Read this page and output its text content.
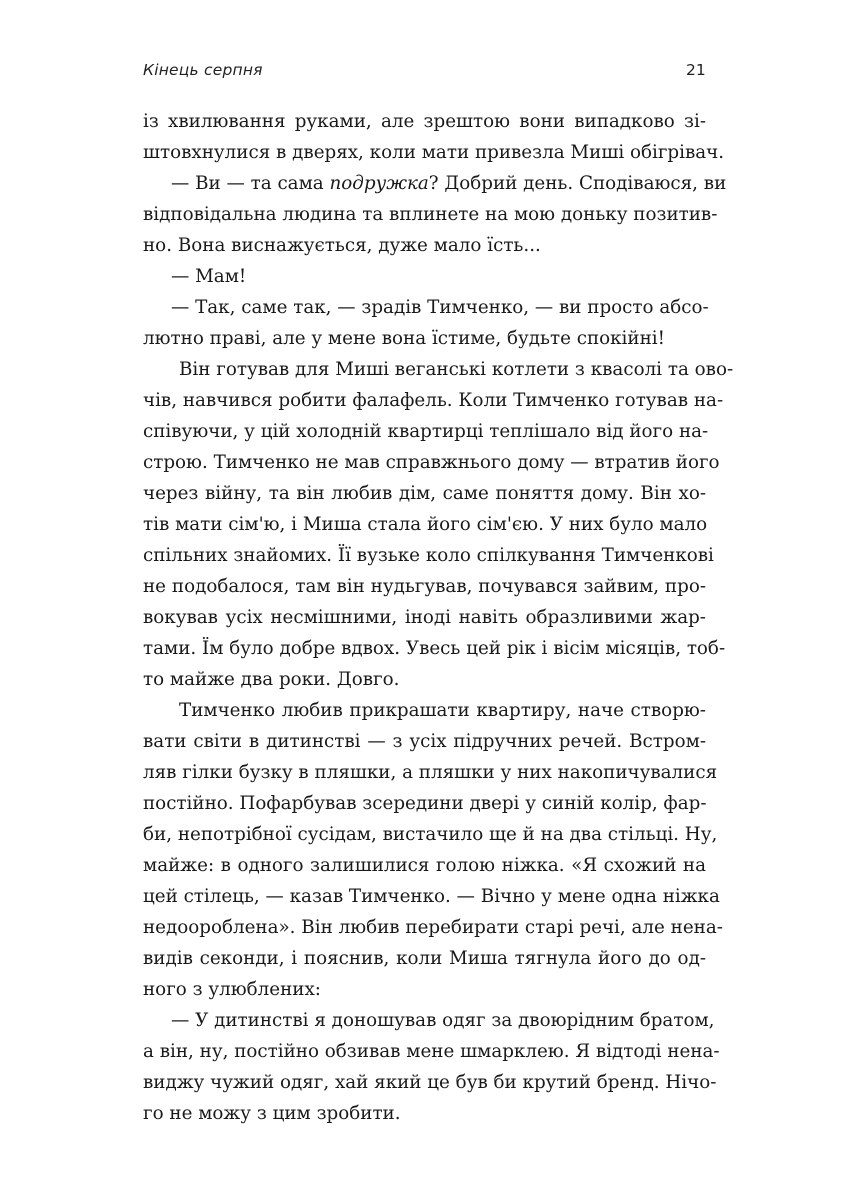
Кінець серпня	21
із хвилювання руками, але зрештою вони випадково зі-
штовхнулися в дверях, коли мати привезла Миші обігрівач.
— Ви — та сама подружка? Добрий день. Сподіваюся, ви
відповідальна людина та вплинете на мою доньку позитив-
но. Вона виснажується, дуже мало їсть...
— Мам!
— Так, саме так, — зрадів Тимченко, — ви просто абсо-
лютно праві, але у мене вона їстиме, будьте спокійні!
Він готував для Миші веганські котлети з квасолі та ово-
чів, навчився робити фалафель. Коли Тимченко готував на-
співуючи, у цій холодній квартирці теплішало від його на-
строю. Тимченко не мав справжнього дому — втратив його
через війну, та він любив дім, саме поняття дому. Він хо-
тів мати сім'ю, і Миша стала його сім'єю. У них було мало
спільних знайомих. Її вузьке коло спілкування Тимченкові
не подобалося, там він нудьгував, почувався зайвим, про-
вокував усіх несмішними, іноді навіть образливими жар-
тами. Їм було добре вдвох. Увесь цей рік і вісім місяців, тоб-
то майже два роки. Довго.
Тимченко любив прикрашати квартиру, наче створю-
вати світи в дитинстві — з усіх підручних речей. Встром-
ляв гілки бузку в пляшки, а пляшки у них накопичувалися
постійно. Пофарбував зсередини двері у синій колір, фар-
би, непотрібної сусідам, вистачило ще й на два стільці. Ну,
майже: в одного залишилися голою ніжка. «Я схожий на
цей стілець, — казав Тимченко. — Вічно у мене одна ніжка
недоороблена». Він любив перебирати старі речі, але нена-
видів секонди, і пояснив, коли Миша тягнула його до од-
ного з улюблених:
— У дитинстві я доношував одяг за двоюрідним братом,
а він, ну, постійно обзивав мене шмарклею. Я відтоді нена-
виджу чужий одяг, хай який це був би крутий бренд. Нічо-
го не можу з цим зробити.
